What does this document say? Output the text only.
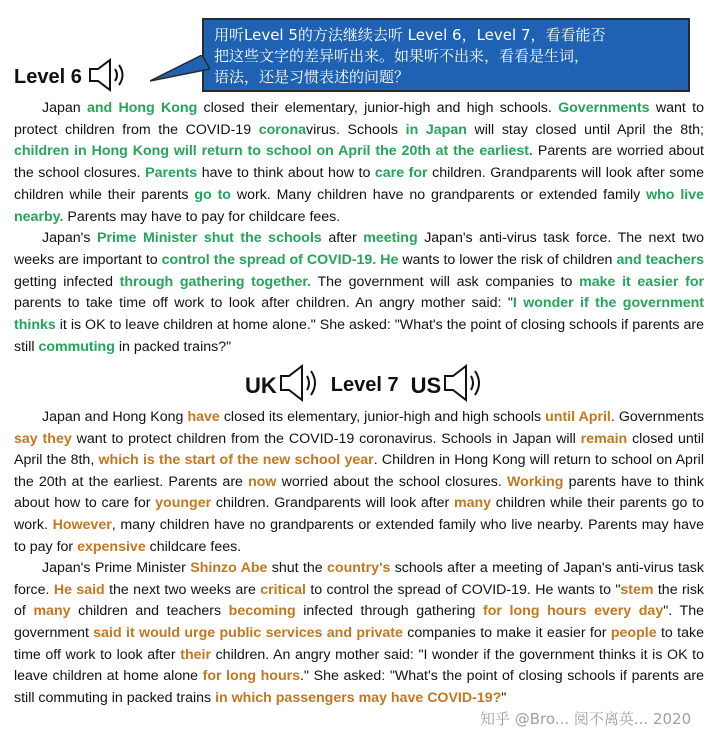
用听Level 5的方法继续去听 Level 6，Level 7，看看能否
把这些文字的差异听出来。如果听不出来，看看是生词，
语法，还是习惯表述的问题？
Level 6

Japan and Hong Kong closed their elementary, junior-high and high schools. Governments want to protect children from the COVID-19 coronavirus. Schools in Japan will stay closed until April the 8th; children in Hong Kong will return to school on April the 20th at the earliest. Parents are worried about the school closures. Parents have to think about how to care for children. Grandparents will look after some children while their parents go to work. Many children have no grandparents or extended family who live nearby. Parents may have to pay for childcare fees.

Japan's Prime Minister shut the schools after meeting Japan's anti-virus task force. The next two weeks are important to control the spread of COVID-19. He wants to lower the risk of children and teachers getting infected through gathering together. The government will ask companies to make it easier for parents to take time off work to look after children. An angry mother said: "I wonder if the government thinks it is OK to leave children at home alone." She asked: "What's the point of closing schools if parents are still commuting in packed trains?"

UK	Level 7 US

Japan and Hong Kong have closed its elementary, junior-high and high schools until April. Governments say they want to protect children from the COVID-19 coronavirus. Schools in Japan will remain closed until April the 8th, which is the start of the new school year. Children in Hong Kong will return to school on April the 20th at the earliest. Parents are now worried about the school closures. Working parents have to think about how to care for younger children. Grandparents will look after many children while their parents go to work. However, many children have no grandparents or extended family who live nearby. Parents may have to pay for expensive childcare fees.

Japan's Prime Minister Shinzo Abe shut the country's schools after a meeting of Japan's anti-virus task force. He said the next two weeks are critical to control the spread of COVID-19. He wants to "stem the risk of many children and teachers becoming infected through gathering for long hours every day". The government said it would urge public services and private companies to make it easier for people to take time off work to look after their children. An angry mother said: "I wonder if the government thinks it is OK to leave children at home alone for long hours." She asked: "What's the point of closing schools if parents are still commuting in packed trains in which passengers may have COVID-19?"

知乎 @Bro... 阅不离英... 2020
